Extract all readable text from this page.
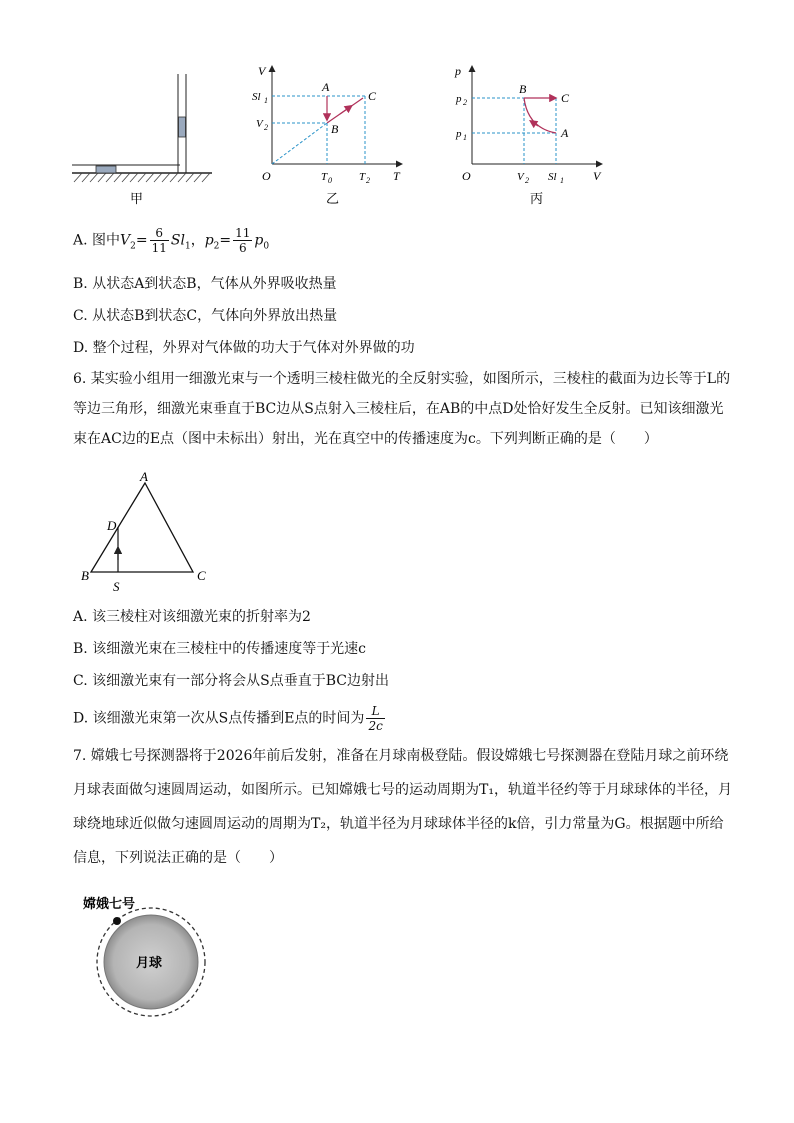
甲
V
T
O
Sl 1
V 2
T 0 T 2
A
B
C
乙
p
V
O
p 2
p 1
V 2 Sl 1
B
C
A
丙
A. 图中$V_2= \frac{6}{11} Sl_1$，$p_2= \frac{11}{6} p_0$
B. 从状态A到状态B，气体从外界吸收热量
C. 从状态B到状态C，气体向外界放出热量
D. 整个过程，外界对气体做的功大于气体对外界做的功
6. 某实验小组用一细激光束与一个透明三棱柱做光的全反射实验，如图所示，三棱柱的截面为边长等于L的等边三角形，细激光束垂直于BC边从S点射入三棱柱后，在AB的中点D处恰好发生全反射。已知该细激光束在AC边的E点（图中未标出）射出，光在真空中的传播速度为c。下列判断正确的是（　　）
A
B	C
D
S
A. 该三棱柱对该细激光束的折射率为2
B. 该细激光束在三棱柱中的传播速度等于光速c
C. 该细激光束有一部分将会从S点垂直于BC边射出
D. 该细激光束第一次从S点传播到E点的时间为 $\frac{L}{2c}$
7. 嫦娥七号探测器将于2026年前后发射，准备在月球南极登陆。假设嫦娥七号探测器在登陆月球之前环绕月球表面做匀速圆周运动，如图所示。已知嫦娥七号的运动周期为T₁，轨道半径约等于月球球体的半径，月球绕地球近似做匀速圆周运动的周期为T₂，轨道半径为月球球体半径的k倍，引力常量为G。根据题中所给信息，下列说法正确的是（　　）
嫦娥七号
月球
